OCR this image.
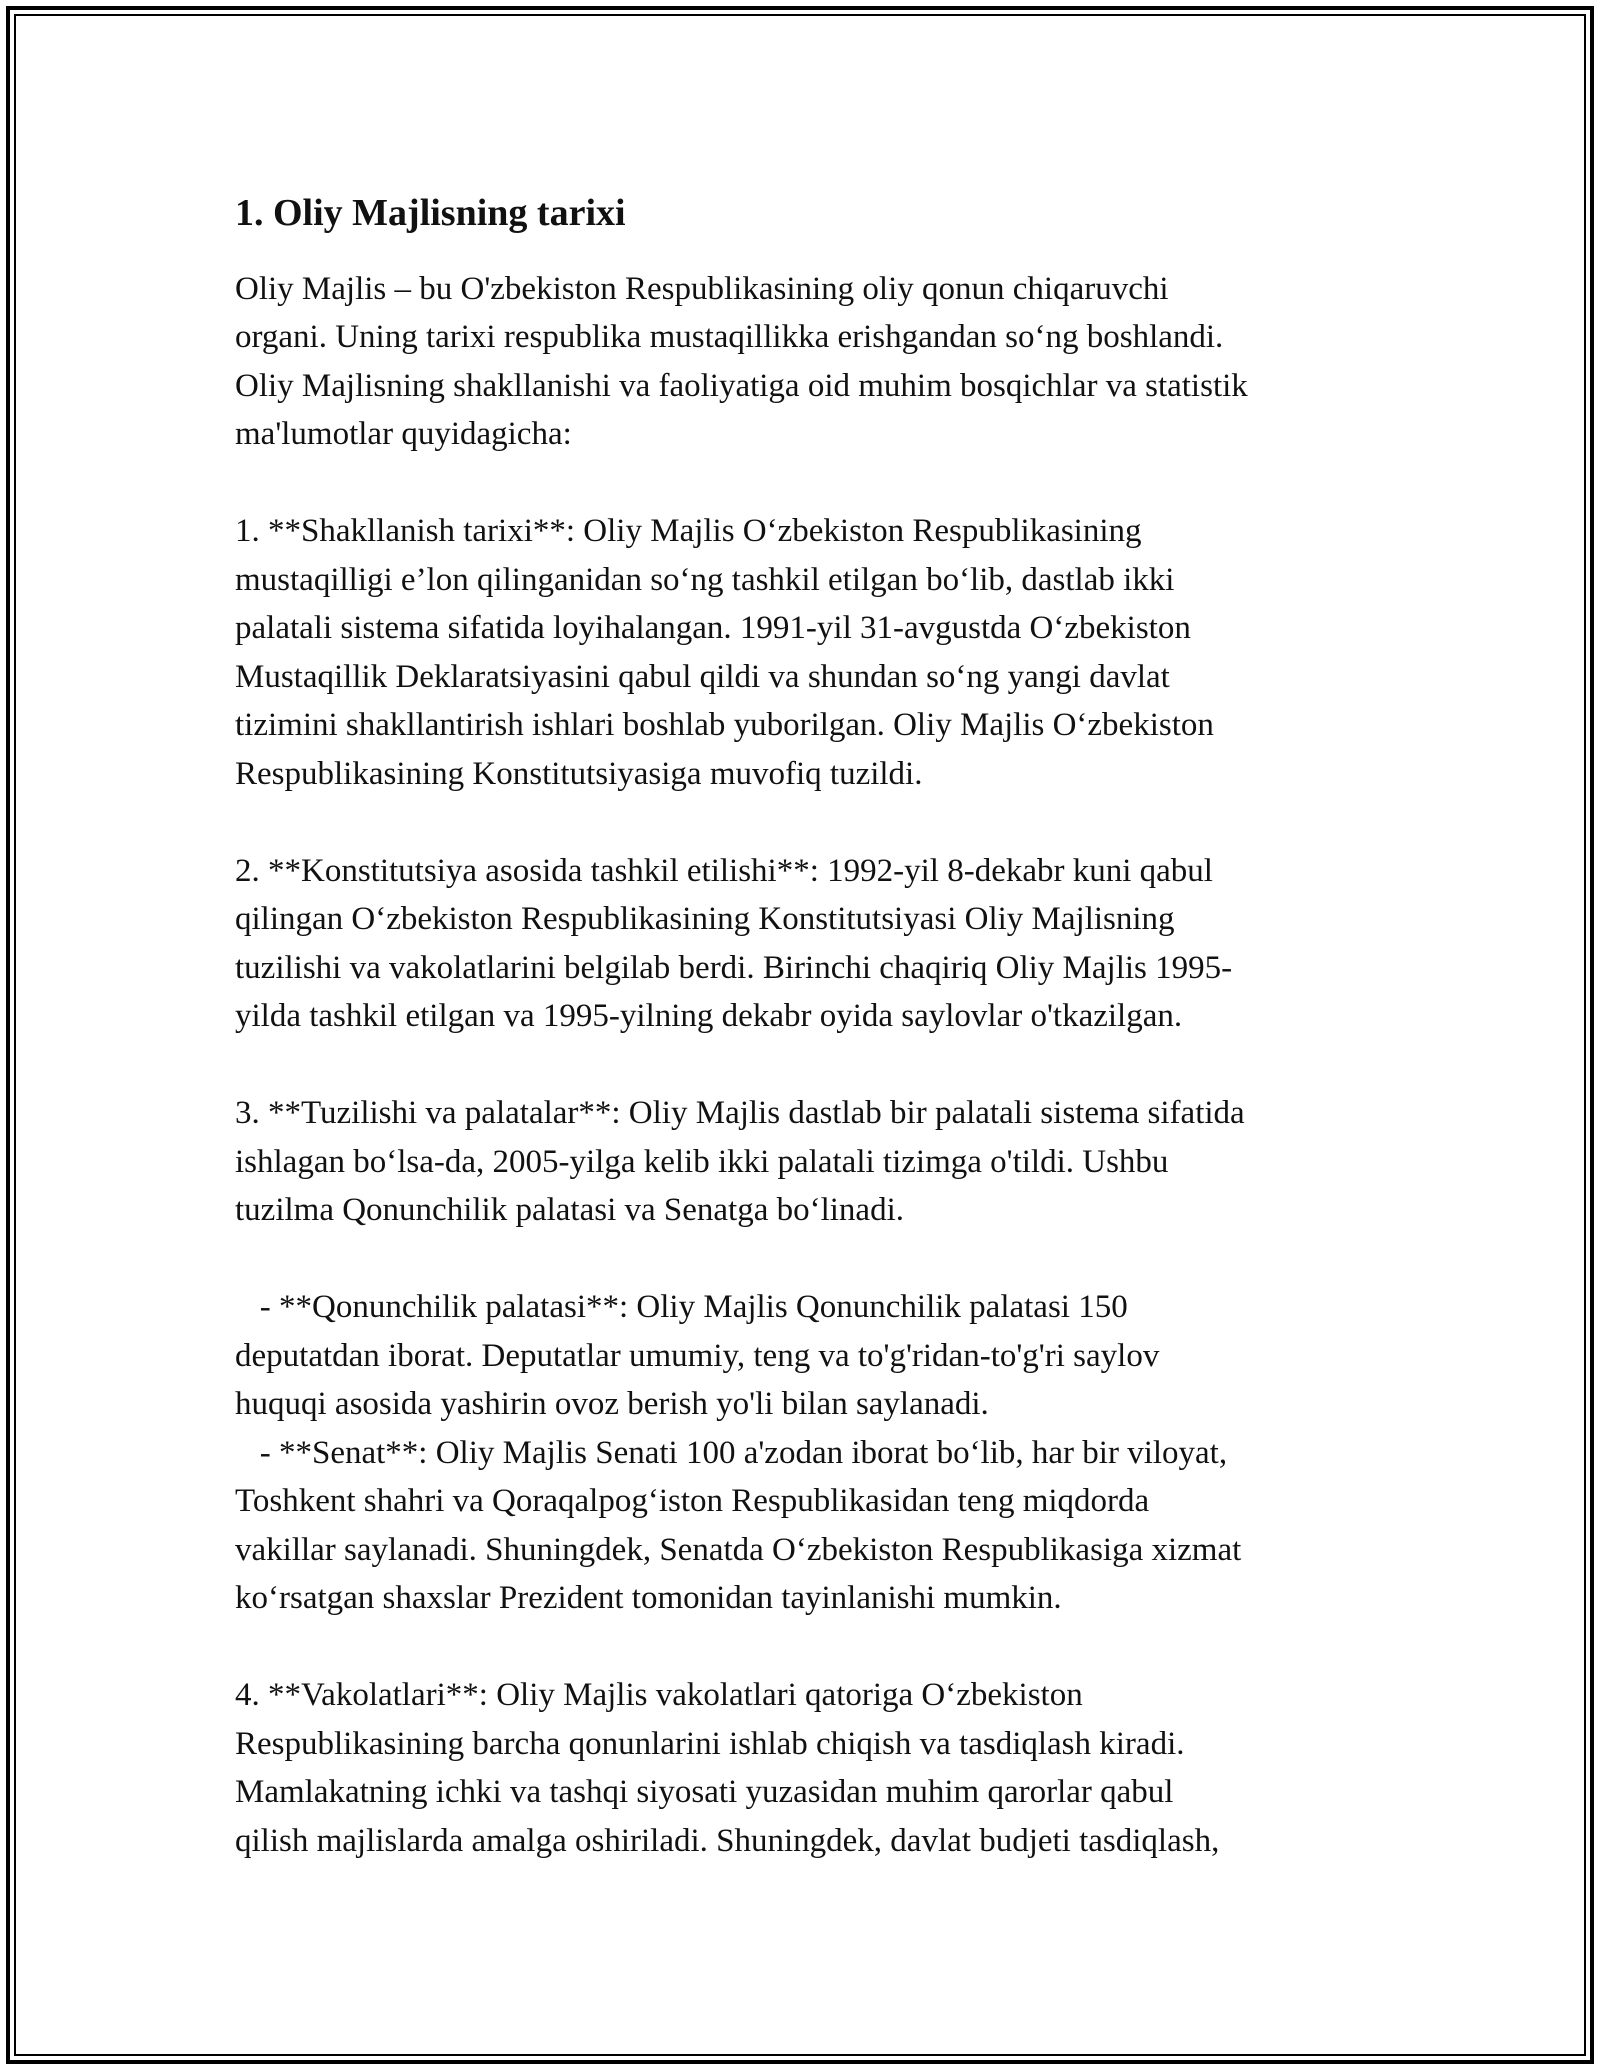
1. Oliy Majlisning tarixi

Oliy Majlis – bu O'zbekiston Respublikasining oliy qonun chiqaruvchi

organi. Uning tarixi respublika mustaqillikka erishgandan so‘ng boshlandi.

Oliy Majlisning shakllanishi va faoliyatiga oid muhim bosqichlar va statistik

ma'lumotlar quyidagicha:

1. **Shakllanish tarixi**: Oliy Majlis O‘zbekiston Respublikasining

mustaqilligi e’lon qilinganidan so‘ng tashkil etilgan bo‘lib, dastlab ikki

palatali sistema sifatida loyihalangan. 1991-yil 31-avgustda O‘zbekiston

Mustaqillik Deklaratsiyasini qabul qildi va shundan so‘ng yangi davlat

tizimini shakllantirish ishlari boshlab yuborilgan. Oliy Majlis O‘zbekiston

Respublikasining Konstitutsiyasiga muvofiq tuzildi.

2. **Konstitutsiya asosida tashkil etilishi**: 1992-yil 8-dekabr kuni qabul

qilingan O‘zbekiston Respublikasining Konstitutsiyasi Oliy Majlisning

tuzilishi va vakolatlarini belgilab berdi. Birinchi chaqiriq Oliy Majlis 1995-

yilda tashkil etilgan va 1995-yilning dekabr oyida saylovlar o'tkazilgan.

3. **Tuzilishi va palatalar**: Oliy Majlis dastlab bir palatali sistema sifatida

ishlagan bo‘lsa-da, 2005-yilga kelib ikki palatali tizimga o'tildi. Ushbu

tuzilma Qonunchilik palatasi va Senatga bo‘linadi.

- **Qonunchilik palatasi**: Oliy Majlis Qonunchilik palatasi 150

deputatdan iborat. Deputatlar umumiy, teng va to'g'ridan-to'g'ri saylov

huquqi asosida yashirin ovoz berish yo'li bilan saylanadi.

- **Senat**: Oliy Majlis Senati 100 a'zodan iborat bo‘lib, har bir viloyat,

Toshkent shahri va Qoraqalpog‘iston Respublikasidan teng miqdorda

vakillar saylanadi. Shuningdek, Senatda O‘zbekiston Respublikasiga xizmat

ko‘rsatgan shaxslar Prezident tomonidan tayinlanishi mumkin.

4. **Vakolatlari**: Oliy Majlis vakolatlari qatoriga O‘zbekiston

Respublikasining barcha qonunlarini ishlab chiqish va tasdiqlash kiradi.

Mamlakatning ichki va tashqi siyosati yuzasidan muhim qarorlar qabul

qilish majlislarda amalga oshiriladi. Shuningdek, davlat budjeti tasdiqlash,
